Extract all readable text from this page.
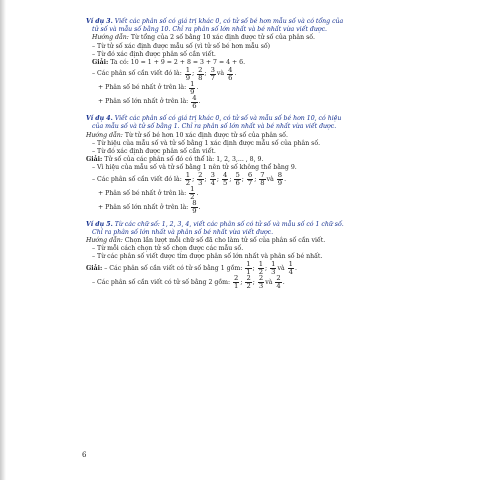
Ví dụ 3. Viết các phân số có giá trị khác 0, có tử số bé hơn mẫu số và có tổng của
tử số và mẫu số bằng 10. Chỉ ra phân số lớn nhất và bé nhất vừa viết được.
Hướng dẫn: Từ tổng của 2 số bằng 10 xác định được tử số của phân số.
– Từ tử số xác định được mẫu số (vì tử số bé hơn mẫu số)
– Từ đó xác định được phân số cần viết.
Giải: Ta có: 10 = 1 + 9 = 2 + 8 = 3 + 7 = 4 + 6.
– Các phân số cần viết đó là:
$\frac{1}{9}$ ; $\frac{2}{8}$ ; $\frac{3}{7}$ và $\frac{4}{6}$ .
+ Phân số bé nhất ở trên là:
$\frac{1}{9}$ .
+ Phân số lớn nhất ở trên là:
$\frac{4}{6}$ .
Ví dụ 4. Viết các phân số có giá trị khác 0, có tử số và mẫu số bé hơn 10, có hiệu
của mẫu số và tử số bằng 1. Chỉ ra phân số lớn nhất và bé nhất vừa viết được.
Hướng dẫn: Từ tử số bé hơn 10 xác định được tử số của phân số.
– Từ hiệu của mẫu số và tử số bằng 1 xác định được mẫu số của phân số.
– Từ đó xác định được phân số cần viết.
Giải: Tử số của các phân số đó có thể là: 1, 2, 3,... , 8, 9.
– Vì hiệu của mẫu số và tử số bằng 1 nên tử số không thể bằng 9.
– Các phân số cần viết đó là:
$\frac{1}{2}$ ; $\frac{2}{3}$ ; $\frac{3}{4}$ ; $\frac{4}{5}$ ; $\frac{5}{6}$ ; $\frac{6}{7}$ ; $\frac{7}{8}$ và $\frac{8}{9}$ .
+ Phân số bé nhất ở trên là:
$\frac{1}{2}$ .
+ Phân số lớn nhất ở trên là:
$\frac{8}{9}$ .
Ví dụ 5. Từ các chữ số: 1, 2, 3, 4, viết các phân số có tử số và mẫu số có 1 chữ số.
Chỉ ra phân số lớn nhất và phân số bé nhất vừa viết được.
Hướng dẫn: Chọn lần lượt mỗi chữ số đã cho làm tử số của phân số cần viết.
– Từ mỗi cách chọn tử số chọn được các mẫu số.
– Từ các phân số viết được tìm được phân số lớn nhất và phân số bé nhất.
Giải:
– Các phân số cần viết có tử số bằng 1 gồm:
$\frac{1}{1}$ ; $\frac{1}{2}$ ; $\frac{1}{3}$ và $\frac{1}{4}$ .
– Các phân số cần viết có tử số bằng 2 gồm:
$\frac{2}{1}$ ; $\frac{2}{2}$ ; $\frac{2}{3}$ và $\frac{2}{4}$ .
6
